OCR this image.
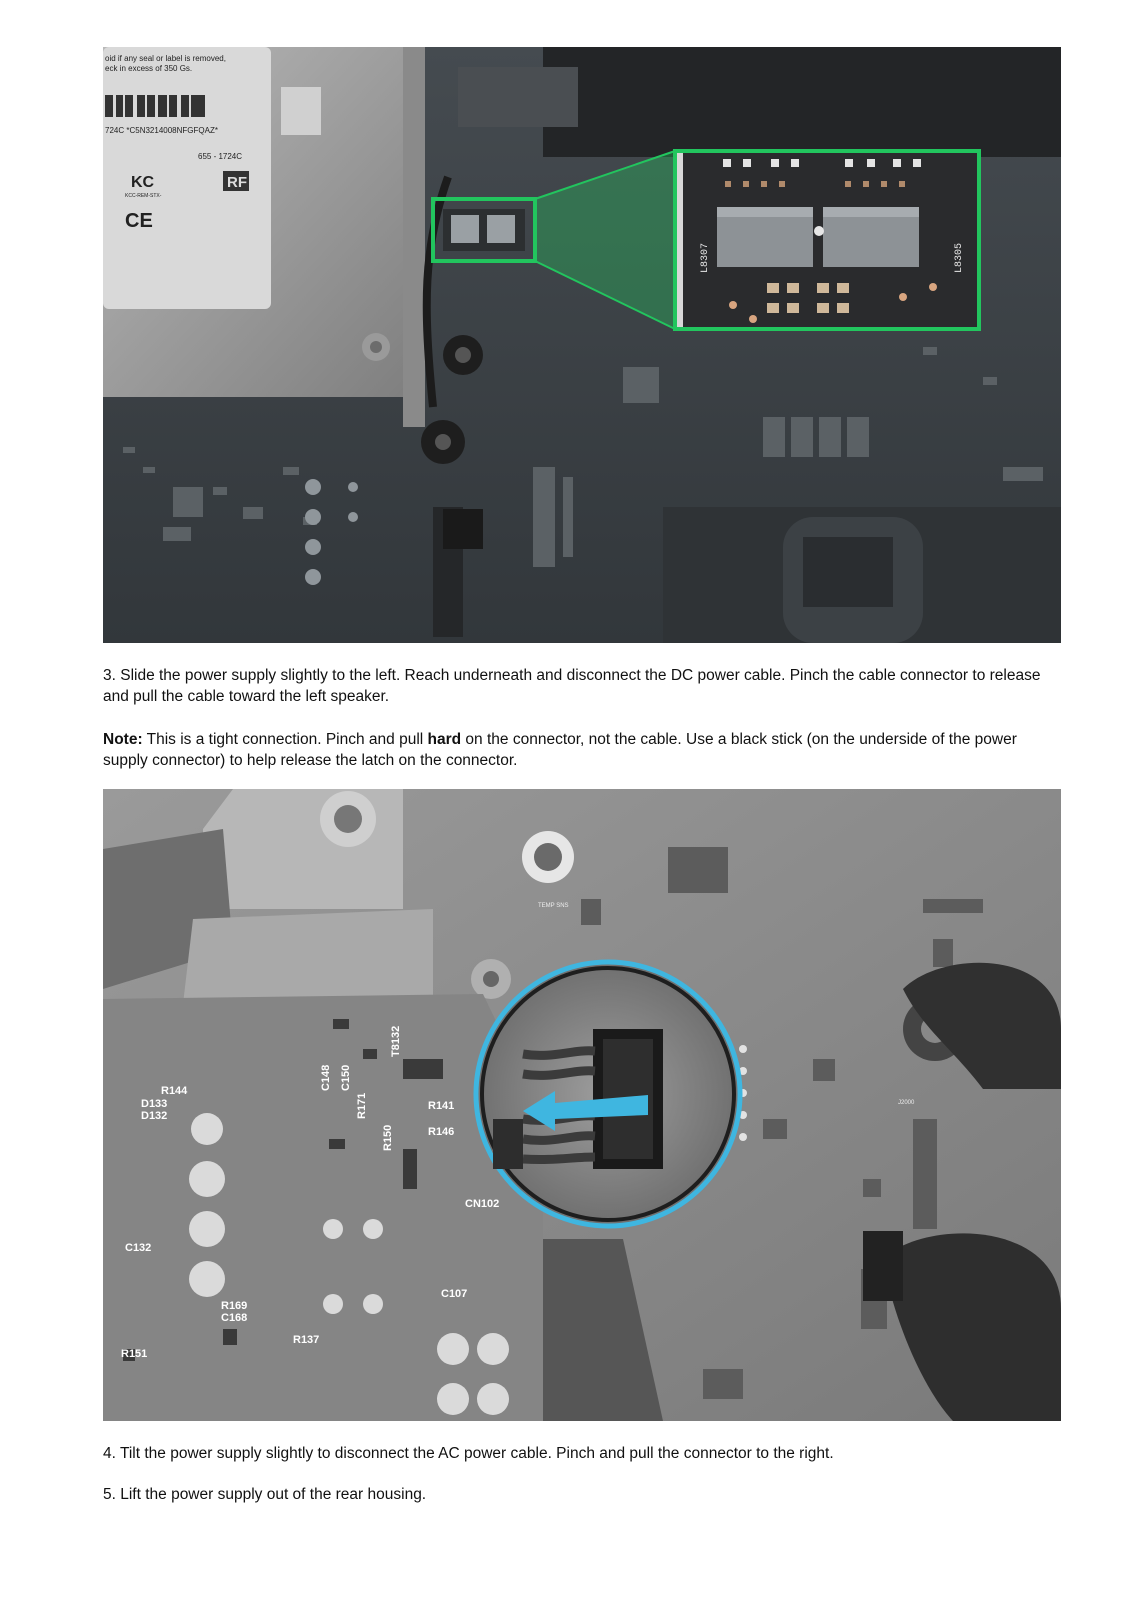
oid if any seal or label is removed,
eck in excess of 350 Gs.
724C *C5N3214008NFGFQAZ*
655 - 1724C
KC
KCC-REM-STX-
CE
RF
L8307	L8305

3. Slide the power supply slightly to the left. Reach underneath and disconnect the DC power cable. Pinch the cable connector to release and pull the cable toward the left speaker.

Note: This is a tight connection. Pinch and pull hard on the connector, not the cable. Use a black stick (on the underside of the power supply connector) to help release the latch on the connector.

R144
D133
D132
R141
R146
R171
R150
C107
R169
C168
R137
R151
C132
CN102
T8132
C150
C148
TEMP SNS
J2000

4. Tilt the power supply slightly to disconnect the AC power cable. Pinch and pull the connector to the right.

5. Lift the power supply out of the rear housing.
